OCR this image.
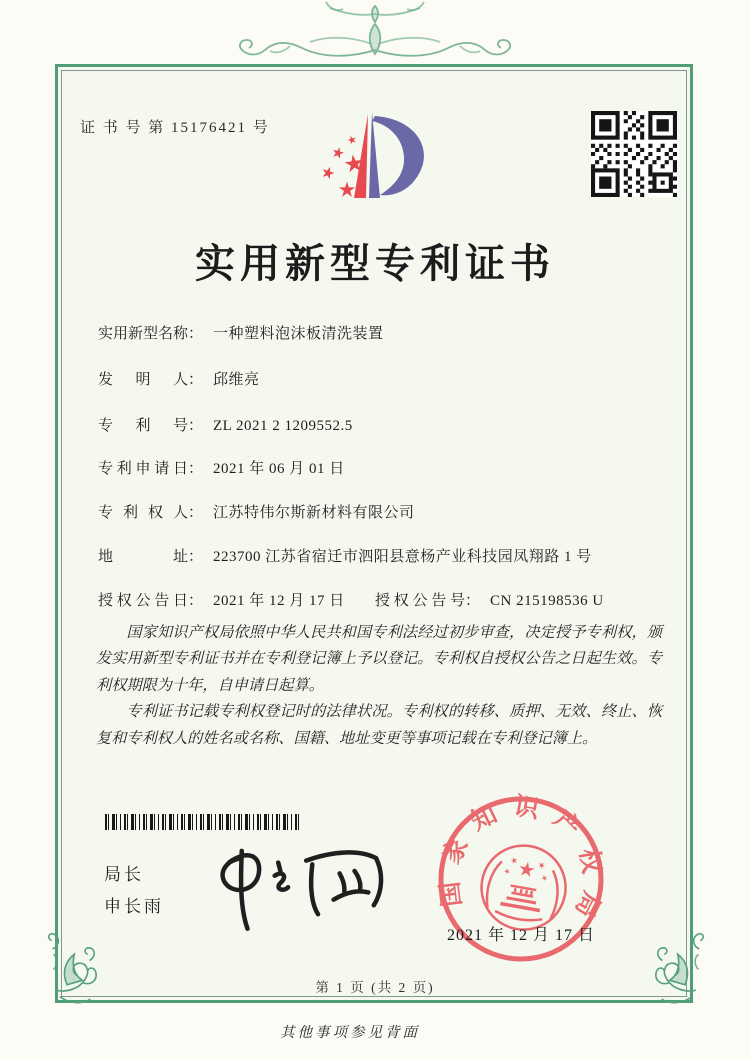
证 书 号 第 15176421 号
实用新型专利证书
实用新型名称： 一种塑料泡沫板清洗装置
发明人： 邱维亮
专利号： ZL 2021 2 1209552.5
专利申请日： 2021 年 06 月 01 日
专利权人： 江苏特伟尔斯新材料有限公司
地址： 223700 江苏省宿迁市泗阳县意杨产业科技园凤翔路 1 号
授权公告日： 2021 年 12 月 17 日 授权公告号： CN 215198536 U

国家知识产权局依照中华人民共和国专利法经过初步审查，决定授予专利权，颁发实用新型专利证书并在专利登记簿上予以登记。专利权自授权公告之日起生效。专利权期限为十年，自申请日起算。

专利证书记载专利权登记时的法律状况。专利权的转移、质押、无效、终止、恢复和专利权人的姓名或名称、国籍、地址变更等事项记载在专利登记簿上。

局长
申长雨	国家知识产权局
2021 年 12 月 17 日
第 1 页 (共 2 页)
其他事项参见背面
